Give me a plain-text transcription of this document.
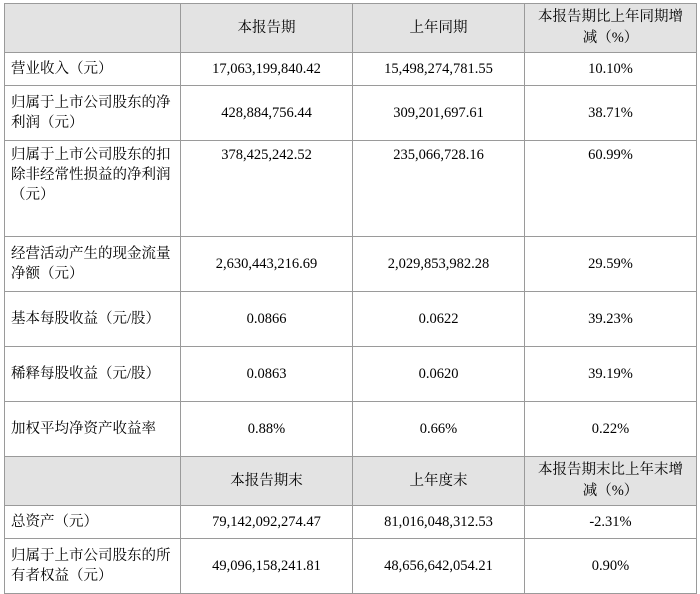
	本报告期	上年同期	本报告期比上年同期增减（%）
营业收入（元）	17,063,199,840.42	15,498,274,781.55	10.10%
归属于上市公司股东的净利润（元）	428,884,756.44	309,201,697.61	38.71%
归属于上市公司股东的扣除非经常性损益的净利润（元）	378,425,242.52	235,066,728.16	60.99%
经营活动产生的现金流量净额（元）	2,630,443,216.69	2,029,853,982.28	29.59%
基本每股收益（元/股）	0.0866	0.0622	39.23%
稀释每股收益（元/股）	0.0863	0.0620	39.19%
加权平均净资产收益率	0.88%	0.66%	0.22%
	本报告期末	上年度末	本报告期末比上年末增减（%）
总资产（元）	79,142,092,274.47	81,016,048,312.53	-2.31%
归属于上市公司股东的所有者权益（元）	49,096,158,241.81	48,656,642,054.21	0.90%
